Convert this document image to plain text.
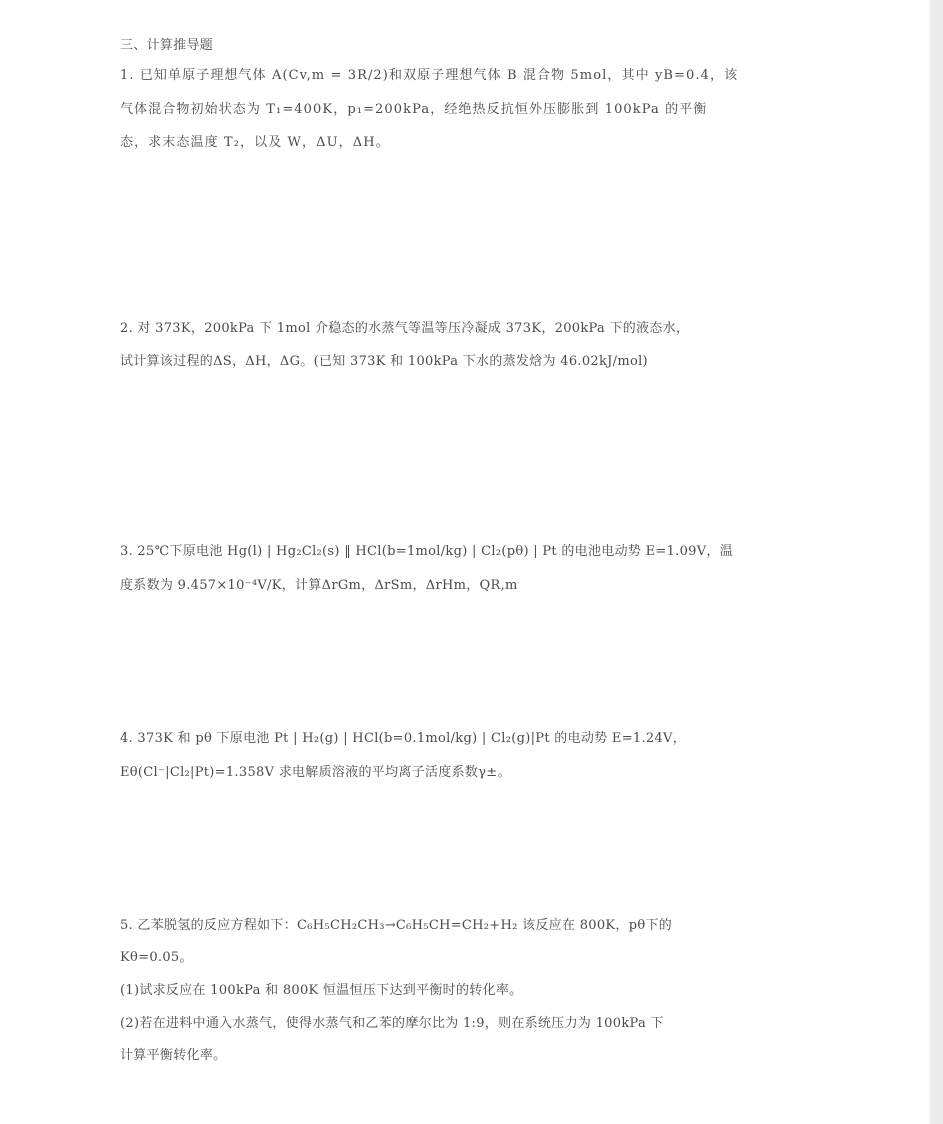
三、计算推导题
1. 已知单原子理想气体 A(Cv,m = 3R/2)和双原子理想气体 B 混合物 5mol，其中 yB=0.4，该
气体混合物初始状态为 T₁=400K，p₁=200kPa，经绝热反抗恒外压膨胀到 100kPa 的平衡
态，求末态温度 T₂，以及 W，ΔU，ΔH。
2. 对 373K，200kPa 下 1mol 介稳态的水蒸气等温等压冷凝成 373K，200kPa 下的液态水，
试计算该过程的ΔS，ΔH，ΔG。(已知 373K 和 100kPa 下水的蒸发焓为 46.02kJ/mol)
3. 25℃下原电池 Hg(l) | Hg₂Cl₂(s) ‖ HCl(b=1mol/kg) | Cl₂(pθ) | Pt 的电池电动势 E=1.09V，温
度系数为 9.457×10⁻⁴V/K，计算ΔrGm，ΔrSm，ΔrHm，QR,m
4. 373K 和 pθ 下原电池 Pt | H₂(g) | HCl(b=0.1mol/kg) | Cl₂(g)|Pt 的电动势 E=1.24V，
Eθ(Cl⁻|Cl₂|Pt)=1.358V 求电解质溶液的平均离子活度系数γ±。
5. 乙苯脱氢的反应方程如下：C₆H₅CH₂CH₃→C₆H₅CH=CH₂+H₂ 该反应在 800K，pθ下的
Kθ=0.05。
(1)试求反应在 100kPa 和 800K 恒温恒压下达到平衡时的转化率。
(2)若在进料中通入水蒸气，使得水蒸气和乙苯的摩尔比为 1:9，则在系统压力为 100kPa 下
计算平衡转化率。
